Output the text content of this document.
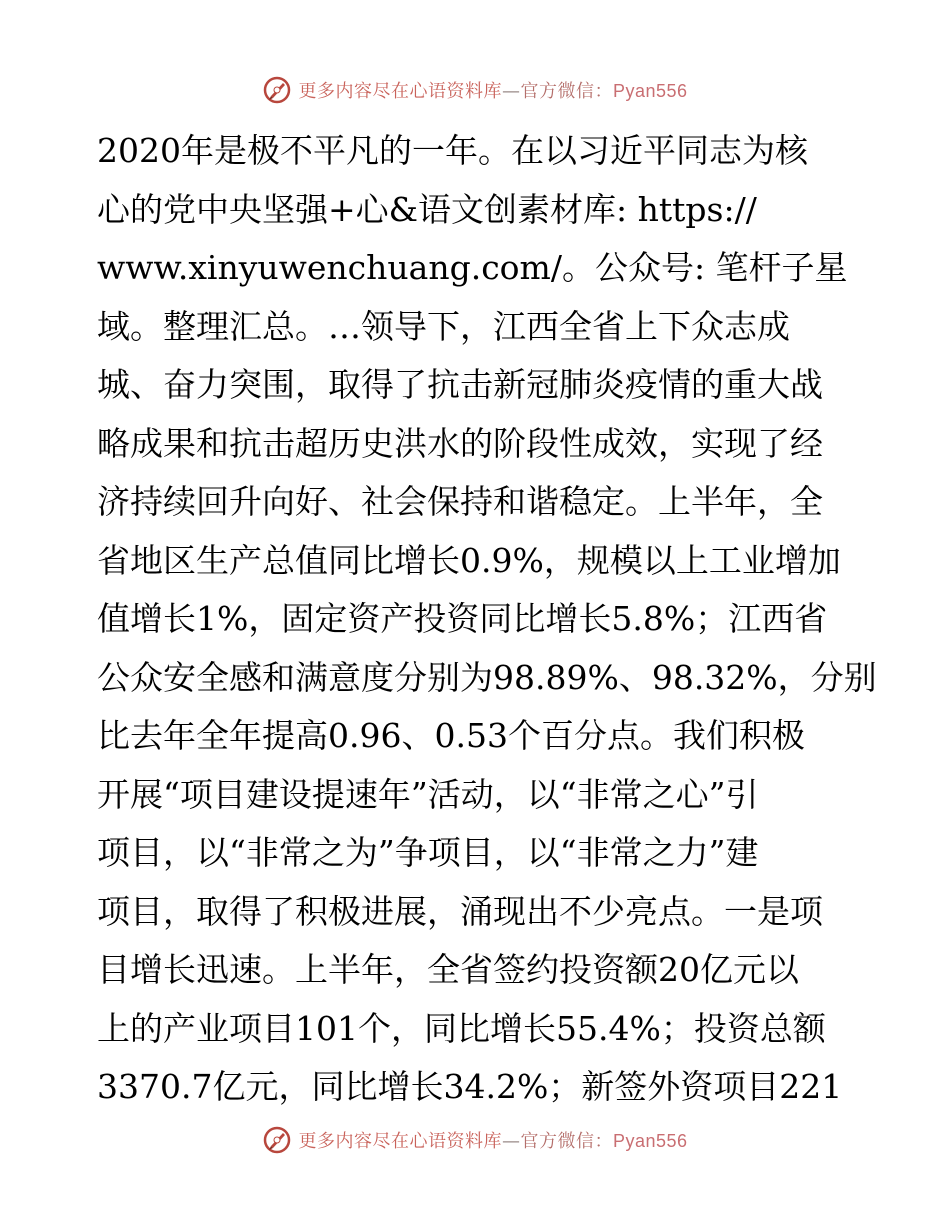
更多内容尽在心语资料库—官方微信：Pyan556
2020年是极不平凡的一年。在以习近平同志为核
心的党中央坚强+心&语文创素材库: https://
www.xinyuwenchuang.com/。公众号: 笔杆子星
域。整理汇总。…领导下，江西全省上下众志成
城、奋力突围，取得了抗击新冠肺炎疫情的重大战
略成果和抗击超历史洪水的阶段性成效，实现了经
济持续回升向好、社会保持和谐稳定。上半年，全
省地区生产总值同比增长0.9%，规模以上工业增加
值增长1%，固定资产投资同比增长5.8%；江西省
公众安全感和满意度分别为98.89%、98.32%，分别
比去年全年提高0.96、0.53个百分点。我们积极
开展“项目建设提速年”活动，以“非常之心”引
项目，以“非常之为”争项目，以“非常之力”建
项目，取得了积极进展，涌现出不少亮点。一是项
目增长迅速。上半年，全省签约投资额20亿元以
上的产业项目101个，同比增长55.4%；投资总额
3370.7亿元，同比增长34.2%；新签外资项目221
更多内容尽在心语资料库—官方微信：Pyan556
